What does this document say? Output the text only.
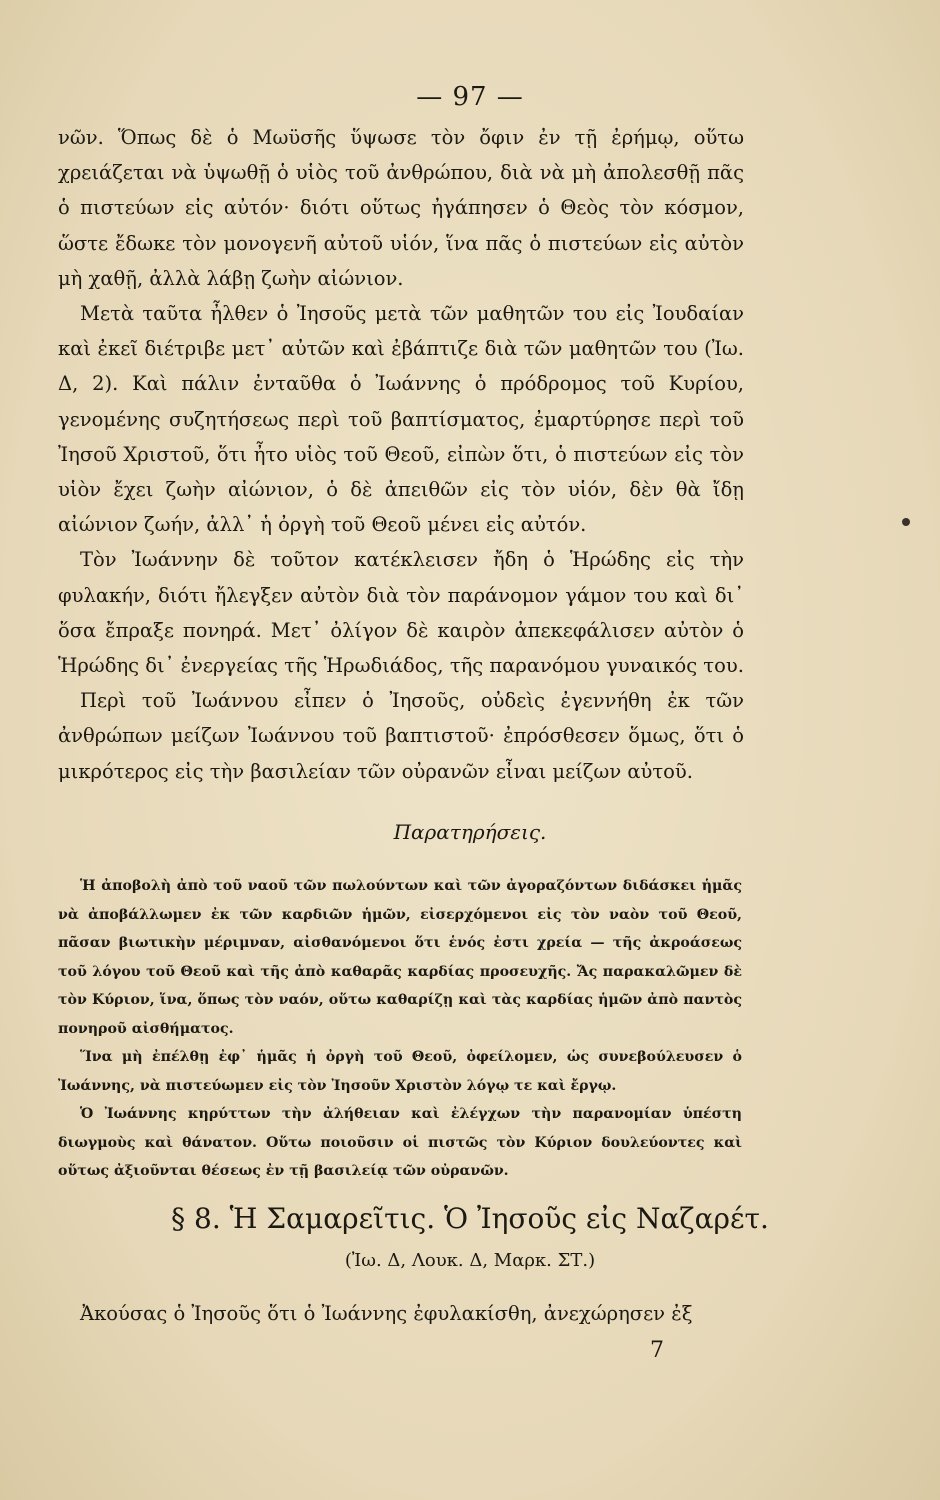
— 97 —

νῶν. Ὅπως δὲ ὁ Μωϋσῆς ὕψωσε τὸν ὄφιν ἐν τῇ ἐρήμῳ, οὕτω χρειάζεται νὰ ὑψωθῇ ὁ υἱὸς τοῦ ἀνθρώπου, διὰ νὰ μὴ ἀπολεσθῇ πᾶς ὁ πιστεύων εἰς αὐτόν· διότι οὕτως ἠγάπησεν ὁ Θεὸς τὸν κόσμον, ὥστε ἔδωκε τὸν μονογενῆ αὐτοῦ υἱόν, ἵνα πᾶς ὁ πιστεύων εἰς αὐτὸν μὴ χαθῇ, ἀλλὰ λάβῃ ζωὴν αἰώνιον.

Μετὰ ταῦτα ἦλθεν ὁ Ἰησοῦς μετὰ τῶν μαθητῶν του εἰς Ἰουδαίαν καὶ ἐκεῖ διέτριβε μετ᾽ αὐτῶν καὶ ἐβάπτιζε διὰ τῶν μαθητῶν του (Ἰω. Δ, 2). Καὶ πάλιν ἐνταῦθα ὁ Ἰωάννης ὁ πρόδρομος τοῦ Κυρίου, γενομένης συζητήσεως περὶ τοῦ βαπτίσματος, ἐμαρτύρησε περὶ τοῦ Ἰησοῦ Χριστοῦ, ὅτι ἦτο υἱὸς τοῦ Θεοῦ, εἰπὼν ὅτι, ὁ πιστεύων εἰς τὸν υἱὸν ἔχει ζωὴν αἰώνιον, ὁ δὲ ἀπειθῶν εἰς τὸν υἱόν, δὲν θὰ ἴδῃ αἰώνιον ζωήν, ἀλλ᾽ ἡ ὀργὴ τοῦ Θεοῦ μένει εἰς αὐτόν.

Τὸν Ἰωάννην δὲ τοῦτον κατέκλεισεν ἤδη ὁ Ἡρώδης εἰς τὴν φυλακήν, διότι ἤλεγξεν αὐτὸν διὰ τὸν παράνομον γάμον του καὶ δι᾽ ὅσα ἔπραξε πονηρά. Μετ᾽ ὀλίγον δὲ καιρὸν ἀπεκεφάλισεν αὐτὸν ὁ Ἡρώδης δι᾽ ἐνεργείας τῆς Ἡρωδιάδος, τῆς παρανόμου γυναικός του.

Περὶ τοῦ Ἰωάννου εἶπεν ὁ Ἰησοῦς, οὐδεὶς ἐγεννήθη ἐκ τῶν ἀνθρώπων μείζων Ἰωάννου τοῦ βαπτιστοῦ· ἐπρόσθεσεν ὅμως, ὅτι ὁ μικρότερος εἰς τὴν βασιλείαν τῶν οὐρανῶν εἶναι μείζων αὐτοῦ.

Παρατηρήσεις.

Ἡ ἀποβολὴ ἀπὸ τοῦ ναοῦ τῶν πωλούντων καὶ τῶν ἀγοραζόντων διδάσκει ἡμᾶς νὰ ἀποβάλλωμεν ἐκ τῶν καρδιῶν ἡμῶν, εἰσερχόμενοι εἰς τὸν ναὸν τοῦ Θεοῦ, πᾶσαν βιωτικὴν μέριμναν, αἰσθανόμενοι ὅτι ἑνός ἐστι χρεία — τῆς ἀκροάσεως τοῦ λόγου τοῦ Θεοῦ καὶ τῆς ἀπὸ καθαρᾶς καρδίας προσευχῆς. Ἄς παρακαλῶμεν δὲ τὸν Κύριον, ἵνα, ὅπως τὸν ναόν, οὕτω καθαρίζῃ καὶ τὰς καρδίας ἡμῶν ἀπὸ παντὸς πονηροῦ αἰσθήματος.

Ἵνα μὴ ἐπέλθῃ ἐφ᾽ ἡμᾶς ἡ ὀργὴ τοῦ Θεοῦ, ὀφείλομεν, ὡς συνεβούλευσεν ὁ Ἰωάννης, νὰ πιστεύωμεν εἰς τὸν Ἰησοῦν Χριστὸν λόγῳ τε καὶ ἔργῳ.

Ὁ Ἰωάννης κηρύττων τὴν ἀλήθειαν καὶ ἐλέγχων τὴν παρανομίαν ὑπέστη διωγμοὺς καὶ θάνατον. Οὕτω ποιοῦσιν οἱ πιστῶς τὸν Κύριον δουλεύοντες καὶ οὕτως ἀξιοῦνται θέσεως ἐν τῇ βασιλείᾳ τῶν οὐρανῶν.

§ 8. Ἡ Σαμαρεῖτις. Ὁ Ἰησοῦς εἰς Ναζαρέτ.
(Ἰω. Δ, Λουκ. Δ, Μαρκ. ΣΤ.)
Ἀκούσας ὁ Ἰησοῦς ὅτι ὁ Ἰωάννης ἐφυλακίσθη, ἀνεχώρησεν ἐξ
7
